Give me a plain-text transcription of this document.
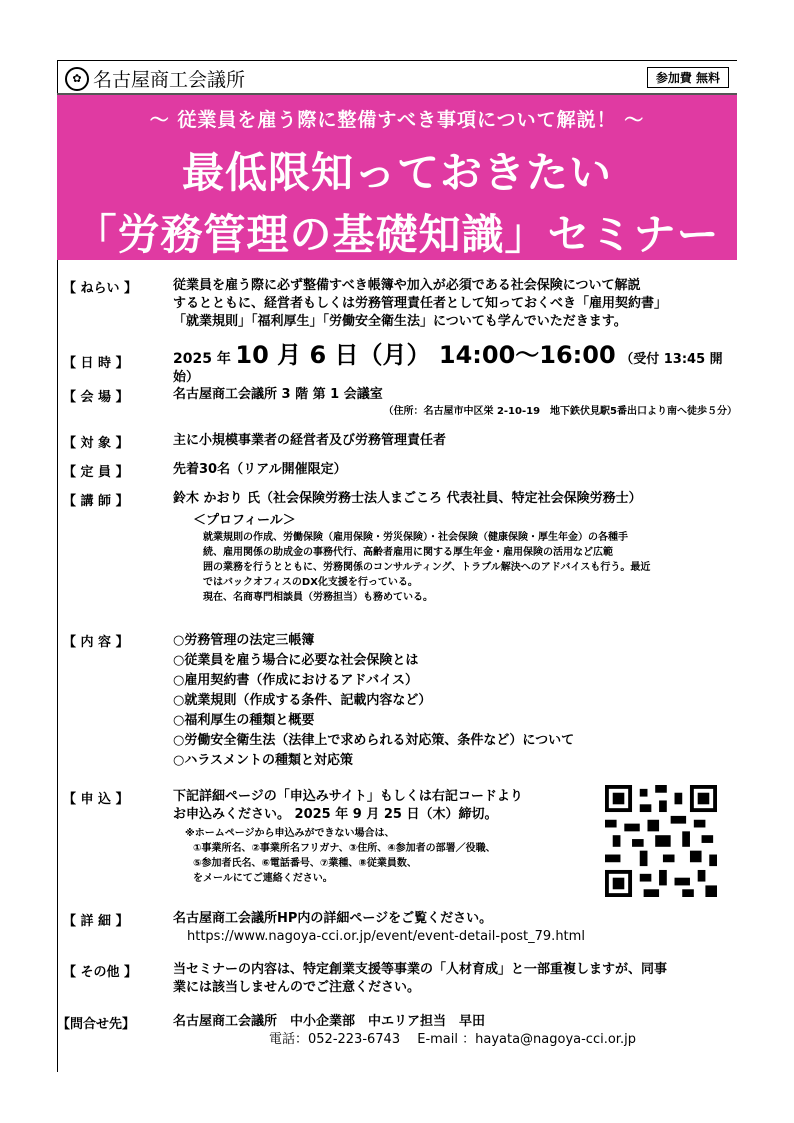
✿ 名古屋商工会議所	参加費 無料
～ 従業員を雇う際に整備すべき事項について解説！ ～
最低限知っておきたい
「労務管理の基礎知識」セミナー
【 ねらい 】	従業員を雇う際に必ず整備すべき帳簿や加入が必須である社会保険について解説
するとともに、経営者もしくは労務管理責任者として知っておくべき「雇用契約書」
「就業規則」「福利厚生」「労働安全衛生法」についても学んでいただきます。
【 日 時 】	2025 年 10 月 6 日（月） 14:00～16:00 （受付 13:45 開始）
【 会 場 】	名古屋商工会議所 3 階 第 1 会議室
（住所：名古屋市中区栄 2-10-19　地下鉄伏見駅5番出口より南へ徒歩５分）
【 対 象 】	主に小規模事業者の経営者及び労務管理責任者
【 定 員 】	先着30名（リアル開催限定）
【 講 師 】	鈴木 かおり 氏（社会保険労務士法人まごころ 代表社員、特定社会保険労務士）
＜プロフィール＞
就業規則の作成、労働保険（雇用保険・労災保険）・社会保険（健康保険・厚生年金）の各種手
続、雇用関係の助成金の事務代行、高齢者雇用に関する厚生年金・雇用保険の活用など広範
囲の業務を行うとともに、労務関係のコンサルティング、トラブル解決へのアドバイスも行う。最近
ではバックオフィスのDX化支援を行っている。
現在、名商専門相談員（労務担当）も務めている。
【 内 容 】	○労務管理の法定三帳簿
○従業員を雇う場合に必要な社会保険とは
○雇用契約書（作成におけるアドバイス）
○就業規則（作成する条件、記載内容など）
○福利厚生の種類と概要
○労働安全衛生法（法律上で求められる対応策、条件など）について
○ハラスメントの種類と対応策
【 申 込 】	下記詳細ページの「申込みサイト」もしくは右記コードより
お申込みください。 2025 年 9 月 25 日（木）締切。
※ホームページから申込みができない場合は、
①事業所名、②事業所名フリガナ、③住所、④参加者の部署／役職、
⑤参加者氏名、⑥電話番号、⑦業種、⑧従業員数、
をメールにてご連絡ください。
【 詳 細 】	名古屋商工会議所HP内の詳細ページをご覧ください。
https://www.nagoya-cci.or.jp/event/event-detail-post_79.html
【 その他 】	当セミナーの内容は、特定創業支援等事業の「人材育成」と一部重複しますが、同事
業には該当しませんのでご注意ください。
【問合せ先】	名古屋商工会議所　中小企業部　中エリア担当　早田
電話：052-223-6743　 E-mail ：hayata@nagoya-cci.or.jp
